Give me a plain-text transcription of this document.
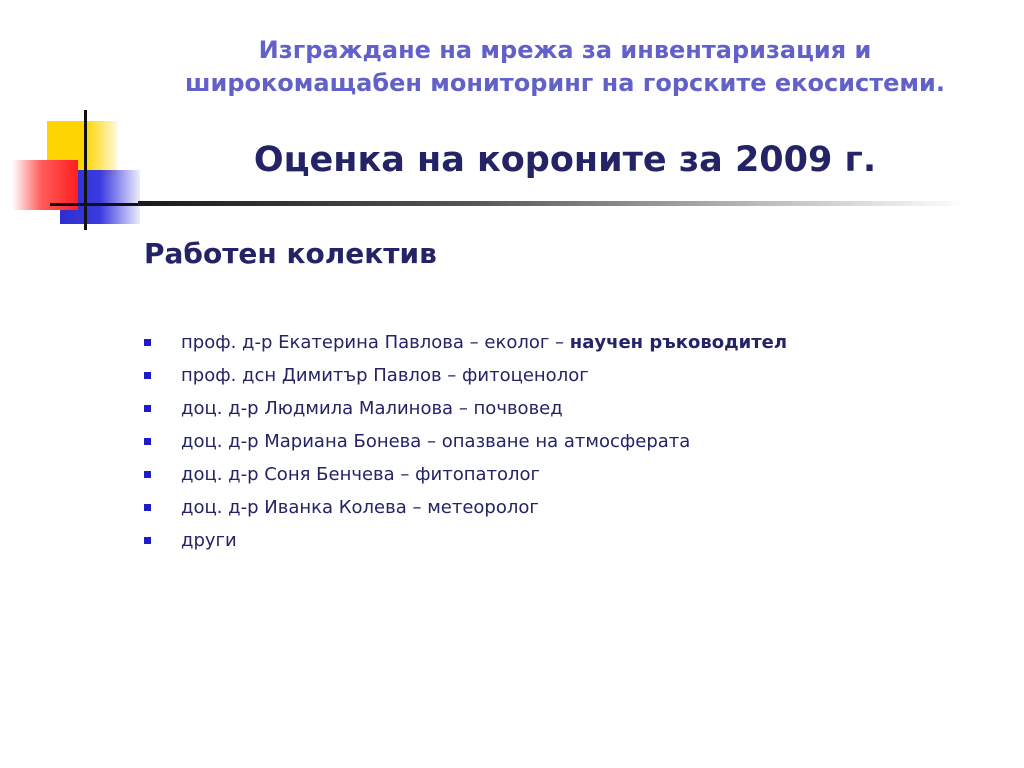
Изграждане на мрежа за инвентаризация и
широкомащабен мониторинг на горските екосистеми.
Оценка на короните за 2009 г.
Работен колектив
проф. д-р Екатерина Павлова – еколог – научен ръководител
проф. дсн Димитър Павлов – фитоценолог
доц. д-р Людмила Малинова – почвовед
доц. д-р Мариана Бонева – опазване на атмосферата
доц. д-р Соня Бенчева – фитопатолог
доц. д-р Иванка Колева – метеоролог
други
